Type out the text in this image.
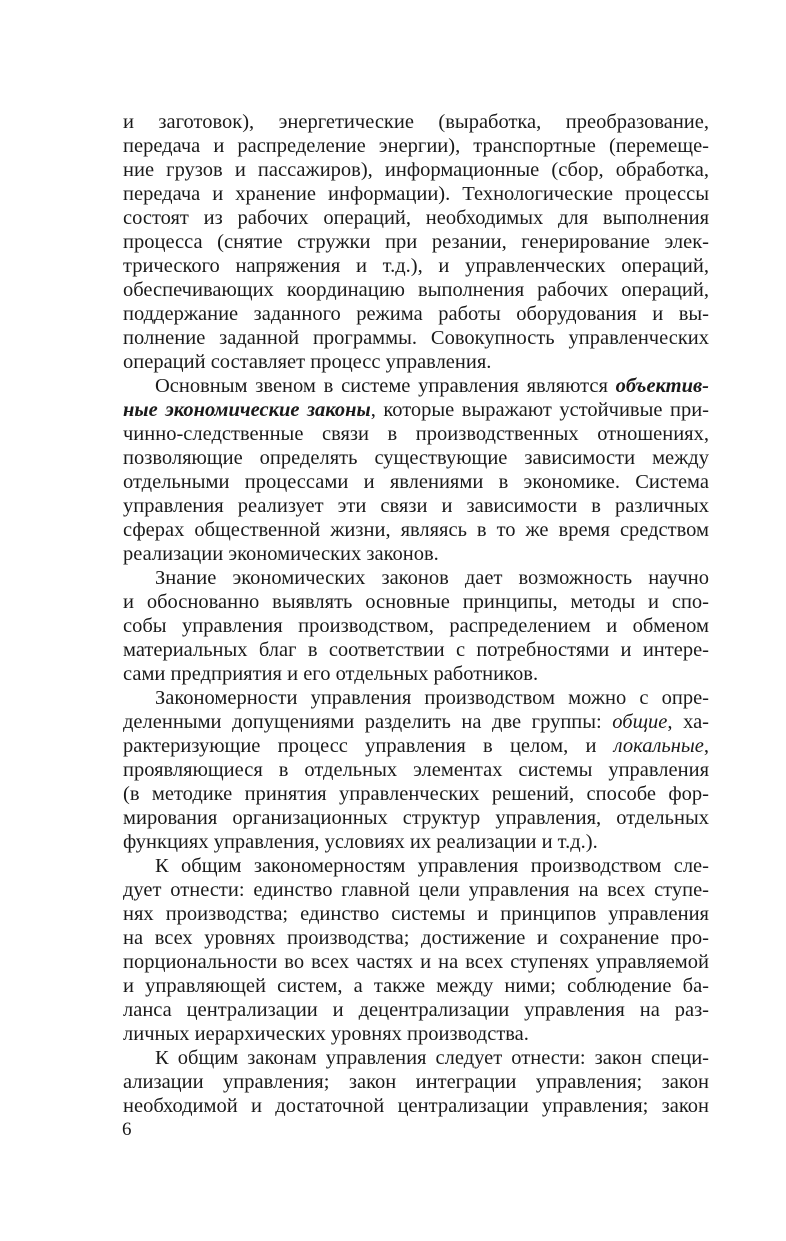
и заготовок), энергетические (выработка, преобразование,
передача и распределение энергии), транспортные (перемеще-
ние грузов и пассажиров), информационные (сбор, обработка,
передача и хранение информации). Технологические процессы
состоят из рабочих операций, необходимых для выполнения
процесса (снятие стружки при резании, генерирование элек-
трического напряжения и т.д.), и управленческих операций,
обеспечивающих координацию выполнения рабочих операций,
поддержание заданного режима работы оборудования и вы-
полнение заданной программы. Совокупность управленческих
операций составляет процесс управления.
Основным звеном в системе управления являются объектив-
ные экономические законы, которые выражают устойчивые при-
чинно-следственные связи в производственных отношениях,
позволяющие определять существующие зависимости между
отдельными процессами и явлениями в экономике. Система
управления реализует эти связи и зависимости в различных
сферах общественной жизни, являясь в то же время средством
реализации экономических законов.
Знание экономических законов дает возможность научно
и обоснованно выявлять основные принципы, методы и спо-
собы управления производством, распределением и обменом
материальных благ в соответствии с потребностями и интере-
сами предприятия и его отдельных работников.
Закономерности управления производством можно с опре-
деленными допущениями разделить на две группы: общие, ха-
рактеризующие процесс управления в целом, и локальные,
проявляющиеся в отдельных элементах системы управления
(в методике принятия управленческих решений, способе фор-
мирования организационных структур управления, отдельных
функциях управления, условиях их реализации и т.д.).
К общим закономерностям управления производством сле-
дует отнести: единство главной цели управления на всех ступе-
нях производства; единство системы и принципов управления
на всех уровнях производства; достижение и сохранение про-
порциональности во всех частях и на всех ступенях управляемой
и управляющей систем, а также между ними; соблюдение ба-
ланса централизации и децентрализации управления на раз-
личных иерархических уровнях производства.
К общим законам управления следует отнести: закон специ-
ализации управления; закон интеграции управления; закон
необходимой и достаточной централизации управления; закон
6
